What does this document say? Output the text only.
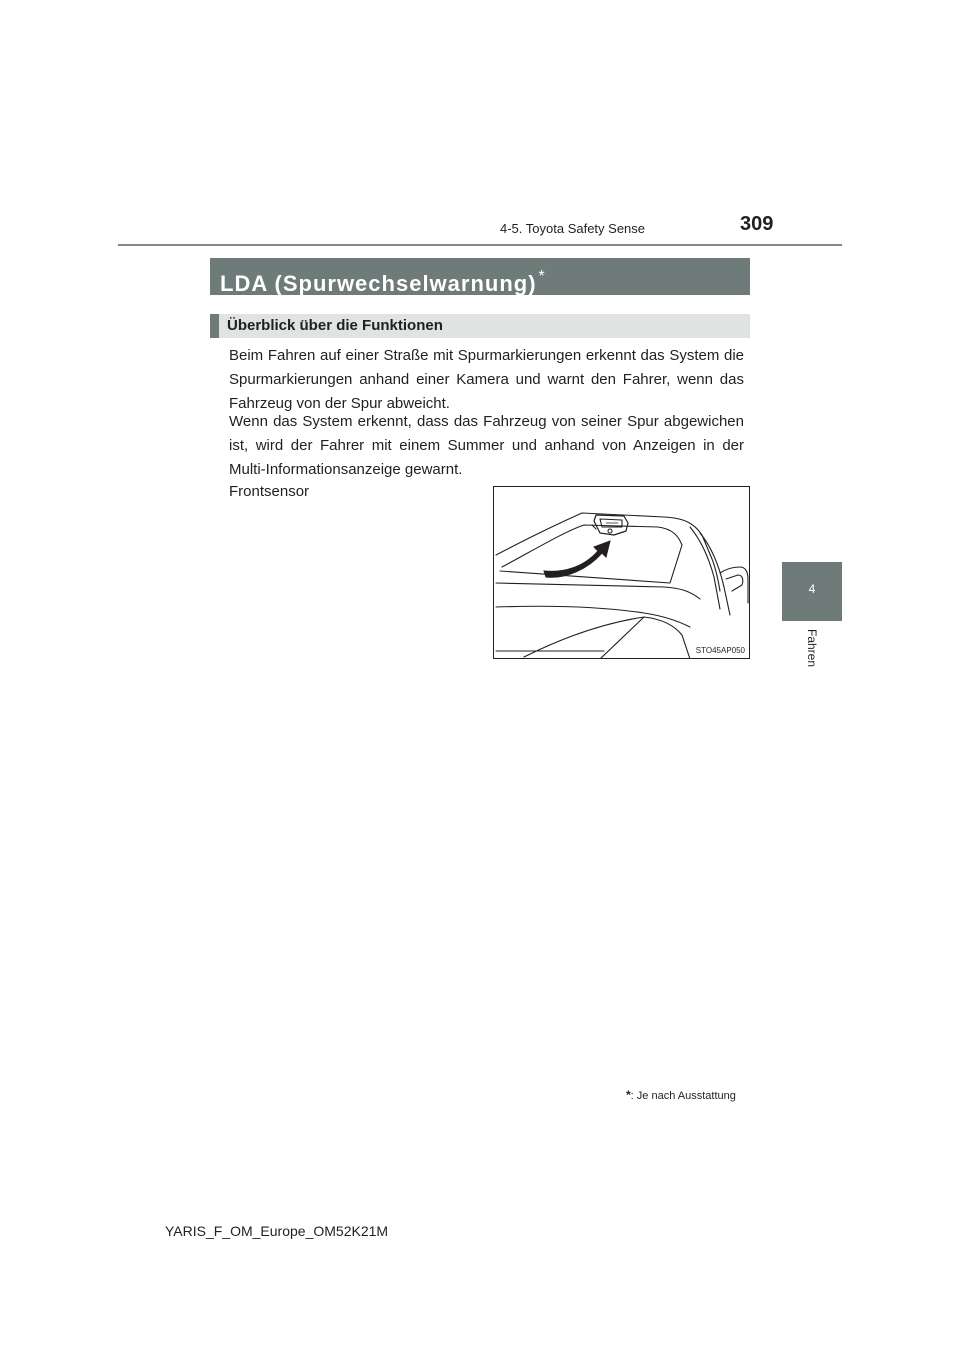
4-5. Toyota Safety Sense	309
4
Fahren
LDA (Spurwechselwarnung) *
Überblick über die Funktionen

Beim Fahren auf einer Straße mit Spurmarkierungen erkennt das System die Spurmarkierungen anhand einer Kamera und warnt den Fahrer, wenn das Fahrzeug von der Spur abweicht.

Wenn das System erkennt, dass das Fahrzeug von seiner Spur abgewichen ist, wird der Fahrer mit einem Summer und anhand von Anzeigen in der Multi-Informationsanzeige gewarnt.

Frontsensor
STO45AP050
*: Je nach Ausstattung
YARIS_F_OM_Europe_OM52K21M
